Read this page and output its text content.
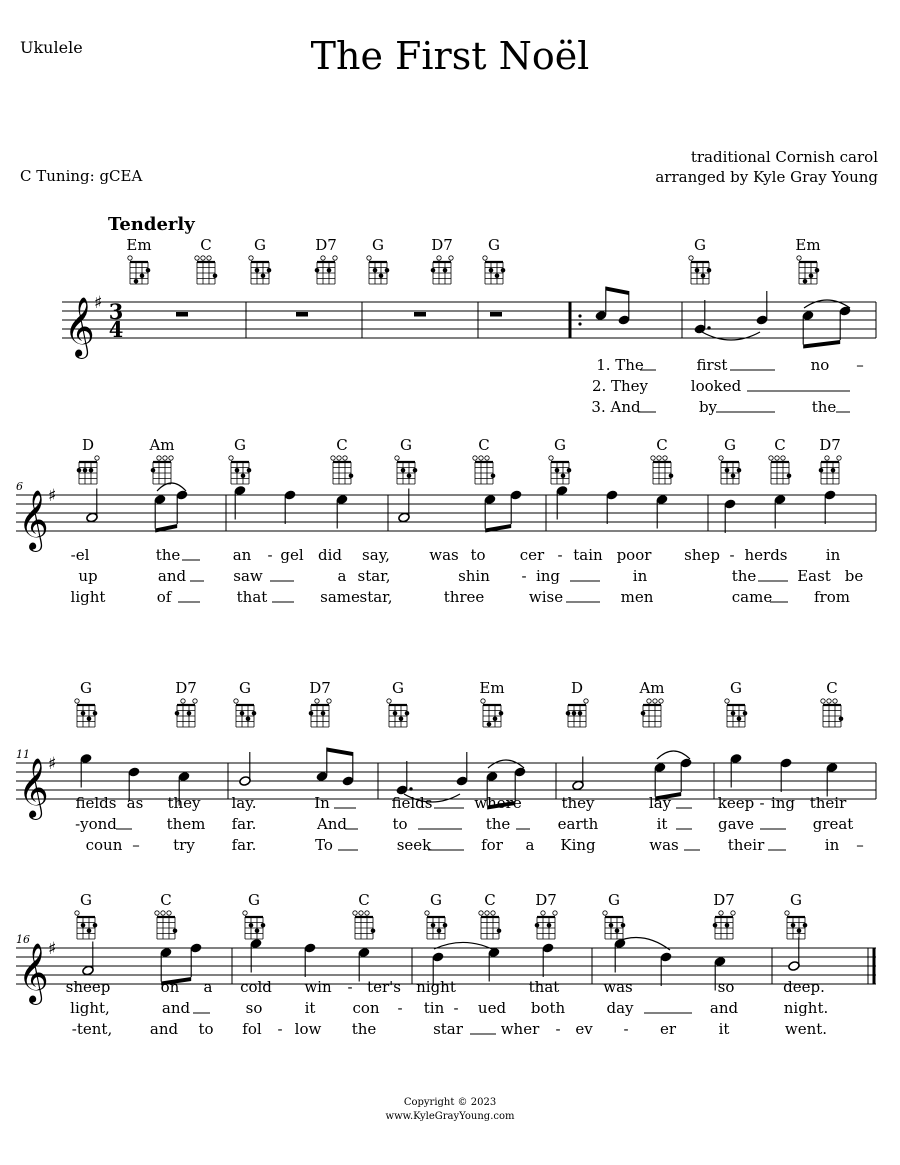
Ukulele	The First Noël
C Tuning: gCEA
traditional Cornish carol
arranged by Kyle Gray Young
Tenderly
𝄞 ♯ 3
4
Em	C	G	D7 G	D7 G	G	Em
1. The	first	no –
2. They	looked
3. And	by	the
6
𝄞 ♯
D	Am	G	C	G	C	G	C	G	C D7
-el	the	an - gel did say,	was to cer - tain poor shep - herds	in
up	and	saw	a star,	shin - ing	in	the	East be
light	of	that	same star,	three	wise	men	came	from
11
𝄞 ♯
G	D7	G	D7	G	Em	D	Am	G	C
fields as they lay.	In	fields	where	they	lay	keep - ing their
-yond	them far.	And	to	the	earth	it	gave	great
coun – try far.	To	seek	for a King	was	their	in –
16
𝄞 ♯
G	C	G	C	G	C	D7	G	D7	G
sheep	on a cold win - ter's night	that	was	so	deep.
light,	and	so	it con - tin - ued both	day	and	night.
-tent,	and to fol - low the	star	wher - ev - er	it	went.
Copyright © 2023
www.KyleGrayYoung.com
